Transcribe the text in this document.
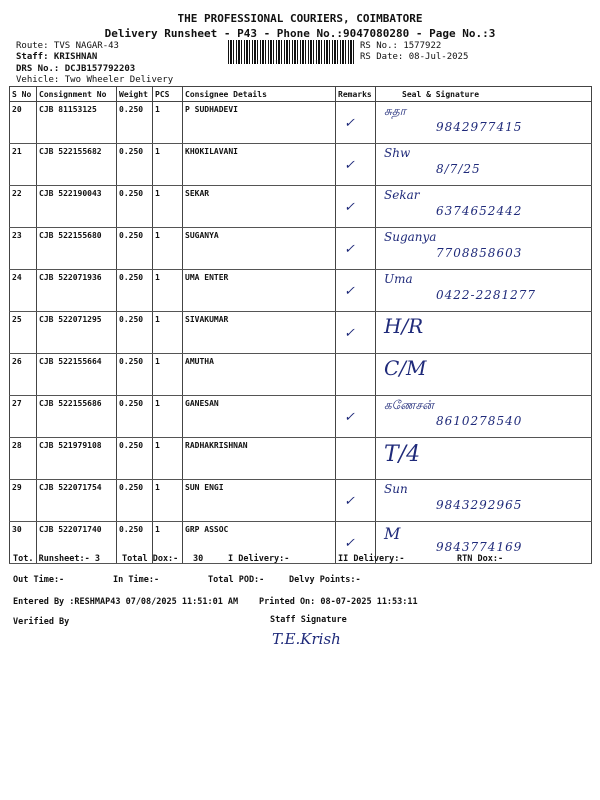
THE PROFESSIONAL COURIERS, COIMBATORE
Delivery Runsheet - P43 - Phone No.:9047080280 - Page No.:3
Route: TVS NAGAR-43
Staff: KRISHNAN
DRS No.: DCJB157792203
Vehicle: Two Wheeler Delivery
RS No.: 1577922
RS Date: 08-Jul-2025
S No	Consignment No	Weight	PCS	Consignee Details	Remarks	Seal & Signature
20	CJB 81153125	0.250	1	P SUDHADEVI	✓	சுதா
9842977415

21	CJB 522155682	0.250	1	KHOKILAVANI	✓	Shw
8/7/25

22	CJB 522190043	0.250	1	SEKAR	✓	Sekar
6374652442

23	CJB 522155680	0.250	1	SUGANYA	✓	Suganya
7708858603

24	CJB 522071936	0.250	1	UMA ENTER	✓	Uma
0422-2281277

25	CJB 522071295	0.250	1	SIVAKUMAR	✓	H/R

26	CJB 522155664	0.250	1	AMUTHA		C/M

27	CJB 522155686	0.250	1	GANESAN	✓	கணேசன்
8610278540

28	CJB 521979108	0.250	1	RADHAKRISHNAN		T/4

29	CJB 522071754	0.250	1	SUN ENGI	✓	Sun
9843292965

30	CJB 522071740	0.250	1	GRP ASSOC	✓	M
9843774169
Tot. Runsheet:- 3	Total Dox:- 30	I Delivery:-	II Delivery:-	RTN Dox:-
Out Time:-	In Time:-	Total POD:-	Delvy Points:-
Entered By :RESHMAP43 07/08/2025 11:51:01 AM Printed On: 08-07-2025 11:53:11
Verified By	Staff Signature
T.E.Krish
